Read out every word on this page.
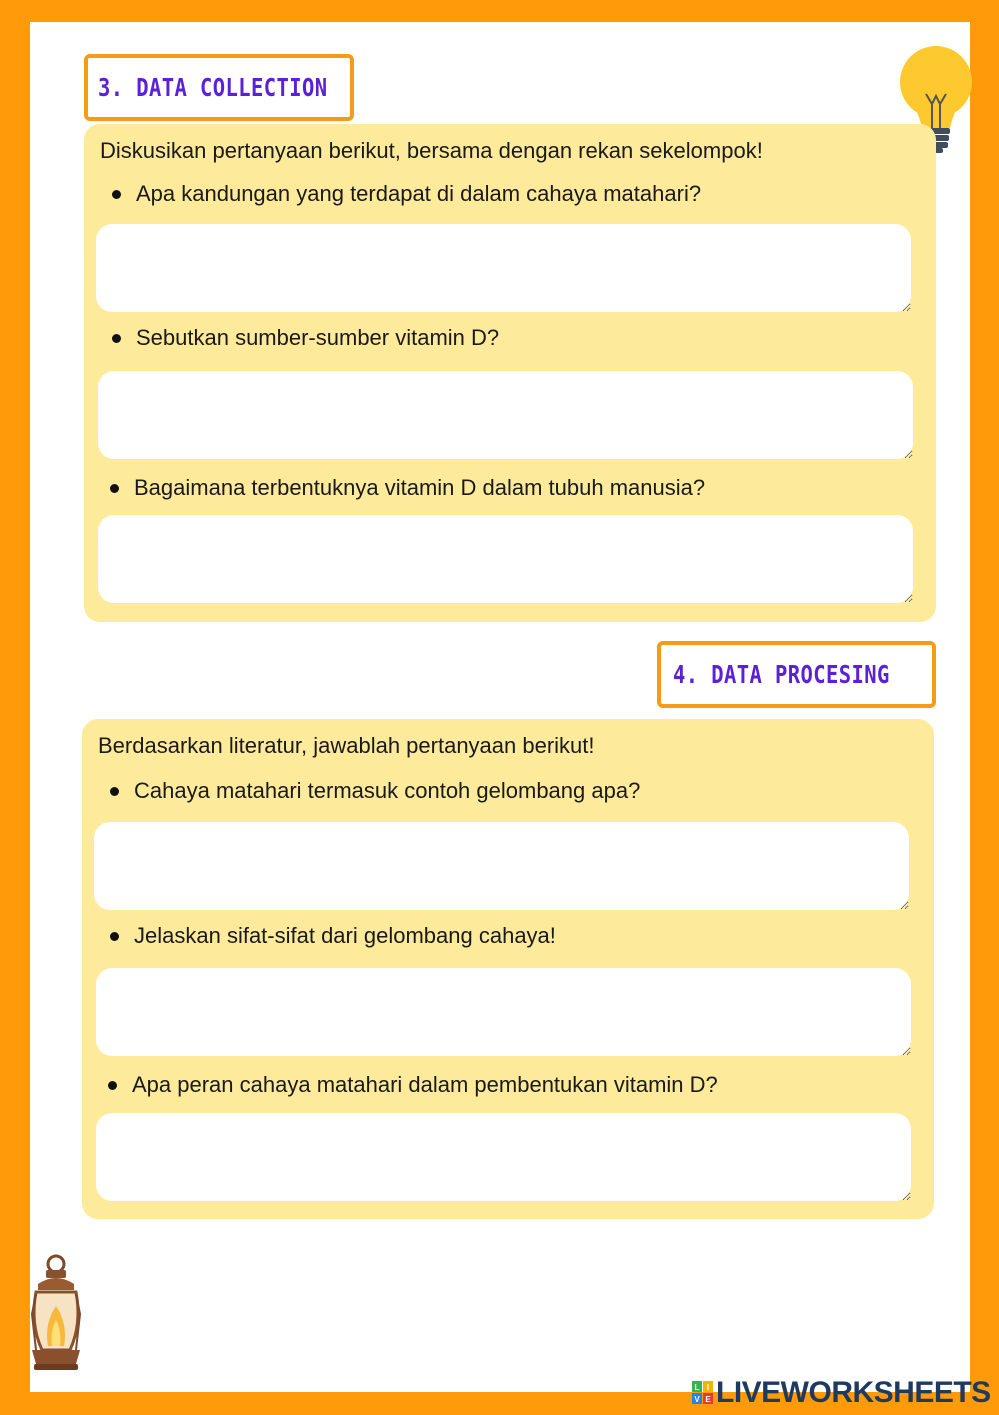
3. DATA COLLECTION
Diskusikan pertanyaan berikut, bersama dengan rekan sekelompok!
Apa kandungan yang terdapat di dalam cahaya matahari?
Sebutkan sumber-sumber vitamin D?
Bagaimana terbentuknya vitamin D dalam tubuh manusia?
4. DATA PROCESING
Berdasarkan literatur, jawablah pertanyaan berikut!
Cahaya matahari termasuk contoh gelombang apa?
Jelaskan sifat-sifat dari gelombang cahaya!
Apa peran cahaya matahari dalam pembentukan vitamin D?
L I
V E LIVEWORKSHEETS
